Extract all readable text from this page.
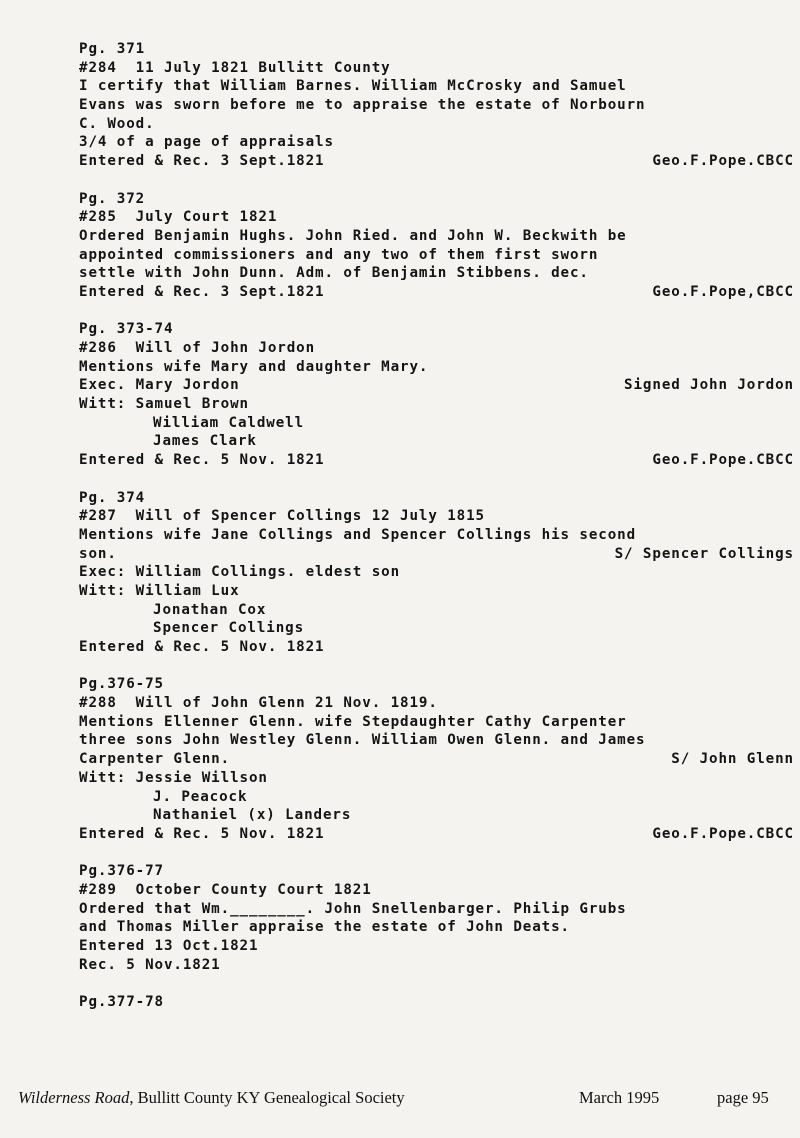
Pg. 371
#284  11 July 1821 Bullitt County
I certify that William Barnes. William McCrosky and Samuel
Evans was sworn before me to appraise the estate of Norbourn
C. Wood.
3/4 of a page of appraisals
Entered & Rec. 3 Sept.1821	Geo.F.Pope.CBCC
Pg. 372
#285  July Court 1821
Ordered Benjamin Hughs. John Ried. and John W. Beckwith be
appointed commissioners and any two of them first sworn
settle with John Dunn. Adm. of Benjamin Stibbens. dec.
Entered & Rec. 3 Sept.1821	Geo.F.Pope,CBCC
Pg. 373-74
#286  Will of John Jordon
Mentions wife Mary and daughter Mary.
Exec. Mary Jordon	Signed John Jordon
Witt: Samuel Brown
William Caldwell
James Clark
Entered & Rec. 5 Nov. 1821	Geo.F.Pope.CBCC
Pg. 374
#287  Will of Spencer Collings 12 July 1815
Mentions wife Jane Collings and Spencer Collings his second
son.	S/ Spencer Collings
Exec: William Collings. eldest son
Witt: William Lux
Jonathan Cox
Spencer Collings
Entered & Rec. 5 Nov. 1821
Pg.376-75
#288  Will of John Glenn 21 Nov. 1819.
Mentions Ellenner Glenn. wife Stepdaughter Cathy Carpenter
three sons John Westley Glenn. William Owen Glenn. and James
Carpenter Glenn.	S/ John Glenn
Witt: Jessie Willson
J. Peacock
Nathaniel (x) Landers
Entered & Rec. 5 Nov. 1821	Geo.F.Pope.CBCC
Pg.376-77
#289  October County Court 1821
Ordered that Wm.________. John Snellenbarger. Philip Grubs
and Thomas Miller appraise the estate of John Deats.
Entered 13 Oct.1821
Rec. 5 Nov.1821
Pg.377-78
Wilderness Road, Bullitt County KY Genealogical Society	March 1995	page 95
